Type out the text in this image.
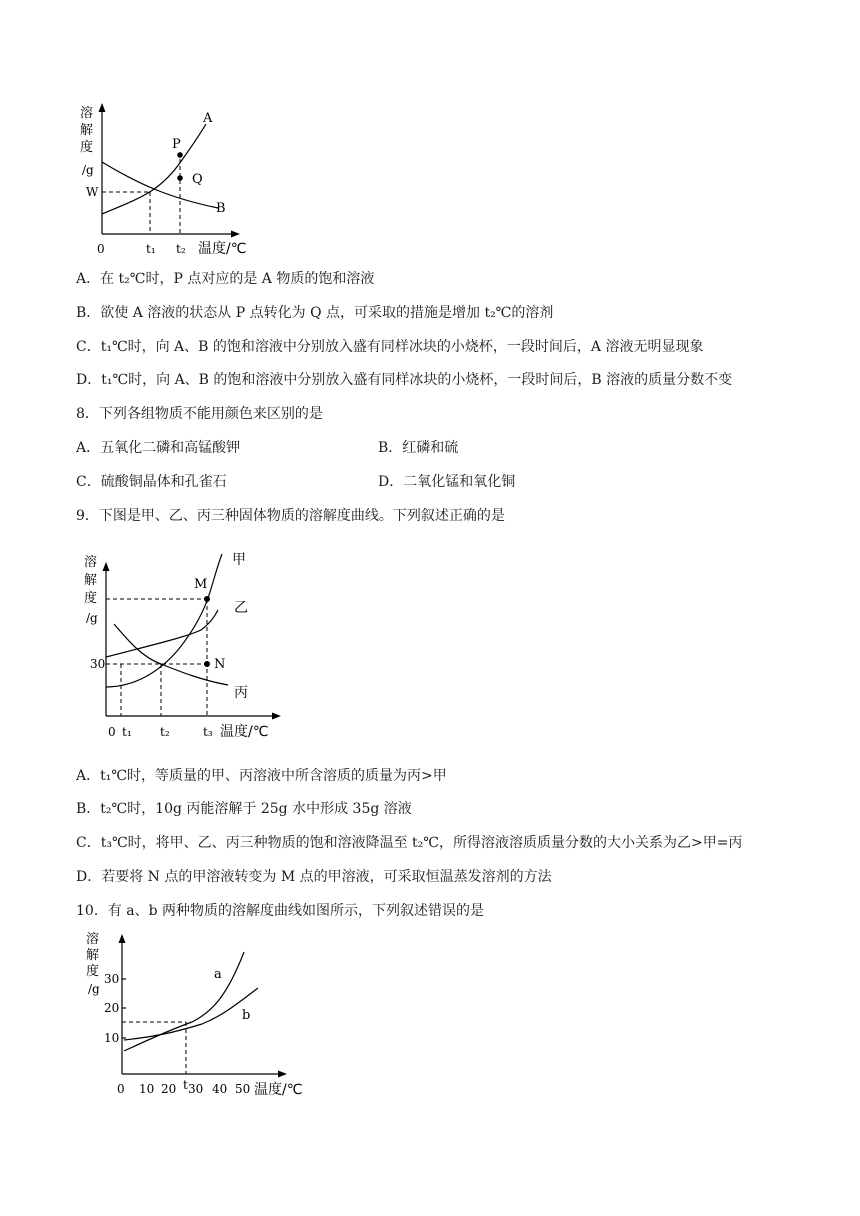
溶
解
度
/g
W
0	t₁ t₂ 温度/℃
A
B
P
Q
A．在 t₂℃时，P 点对应的是 A 物质的饱和溶液
B．欲使 A 溶液的状态从 P 点转化为 Q 点，可采取的措施是增加 t₂℃的溶剂
C．t₁℃时，向 A、B 的饱和溶液中分别放入盛有同样冰块的小烧杯，一段时间后，A 溶液无明显现象
D．t₁℃时，向 A、B 的饱和溶液中分别放入盛有同样冰块的小烧杯，一段时间后，B 溶液的质量分数不变
8．下列各组物质不能用颜色来区别的是
A．五氧化二磷和高锰酸钾	B．红磷和硫
C．硫酸铜晶体和孔雀石	D．二氧化锰和氧化铜
9．下图是甲、乙、丙三种固体物质的溶解度曲线。下列叙述正确的是
溶
解
度
/g
30
0 t₁ t₂	t₃ 温度/℃
甲
乙
丙
M
N
A．t₁℃时，等质量的甲、丙溶液中所含溶质的质量为丙>甲
B．t₂℃时，10g 丙能溶解于 25g 水中形成 35g 溶液
C．t₃℃时，将甲、乙、丙三种物质的饱和溶液降温至 t₂℃，所得溶液溶质质量分数的大小关系为乙>甲=丙
D．若要将 N 点的甲溶液转变为 M 点的甲溶液，可采取恒温蒸发溶剂的方法
10．有 a、b 两种物质的溶解度曲线如图所示，下列叙述错误的是
溶
解
度
/g
30
20
10
0 10 20 t 30 40 50 温度/℃
a
b
